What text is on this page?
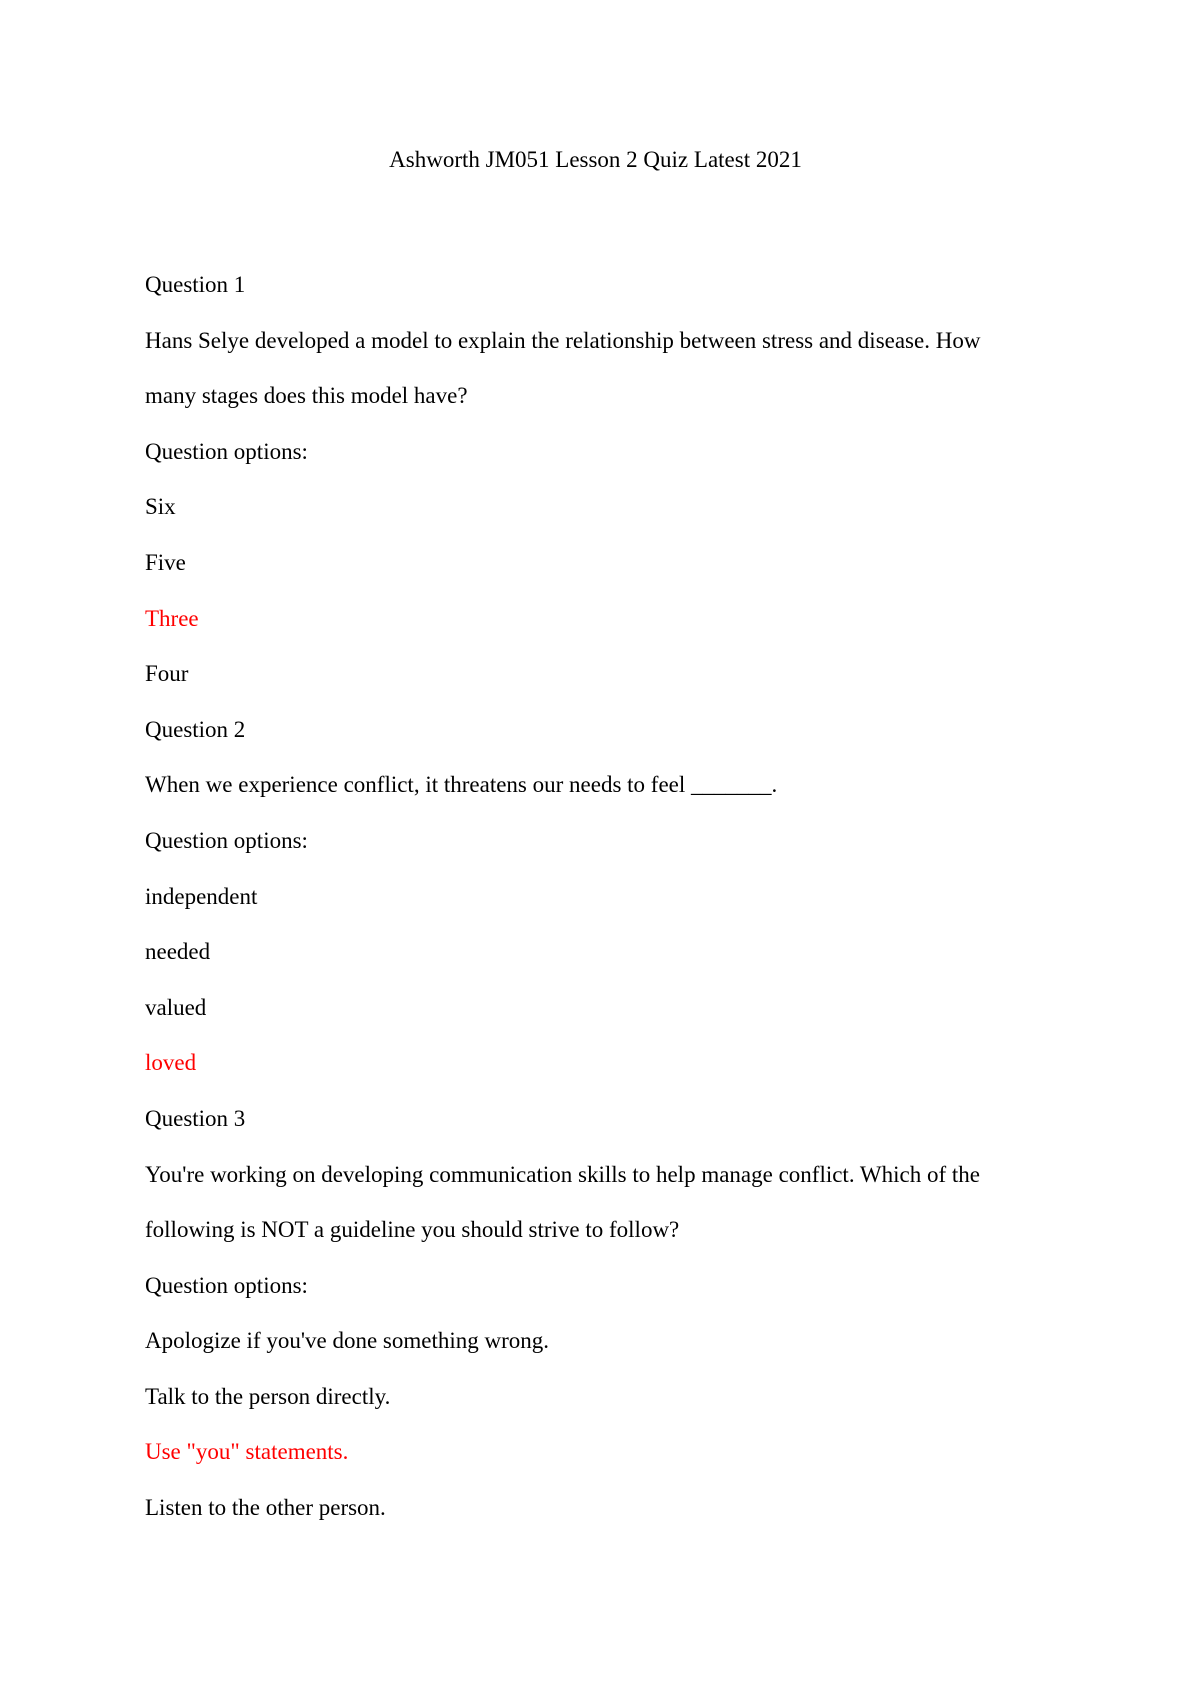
Ashworth JM051 Lesson 2 Quiz Latest 2021

Question 1

Hans Selye developed a model to explain the relationship between stress and disease. How

many stages does this model have?

Question options:

Six

Five

Three

Four

Question 2

When we experience conflict, it threatens our needs to feel _______.

Question options:

independent

needed

valued

loved

Question 3

You're working on developing communication skills to help manage conflict. Which of the

following is NOT a guideline you should strive to follow?

Question options:

Apologize if you've done something wrong.

Talk to the person directly.

Use "you" statements.

Listen to the other person.
